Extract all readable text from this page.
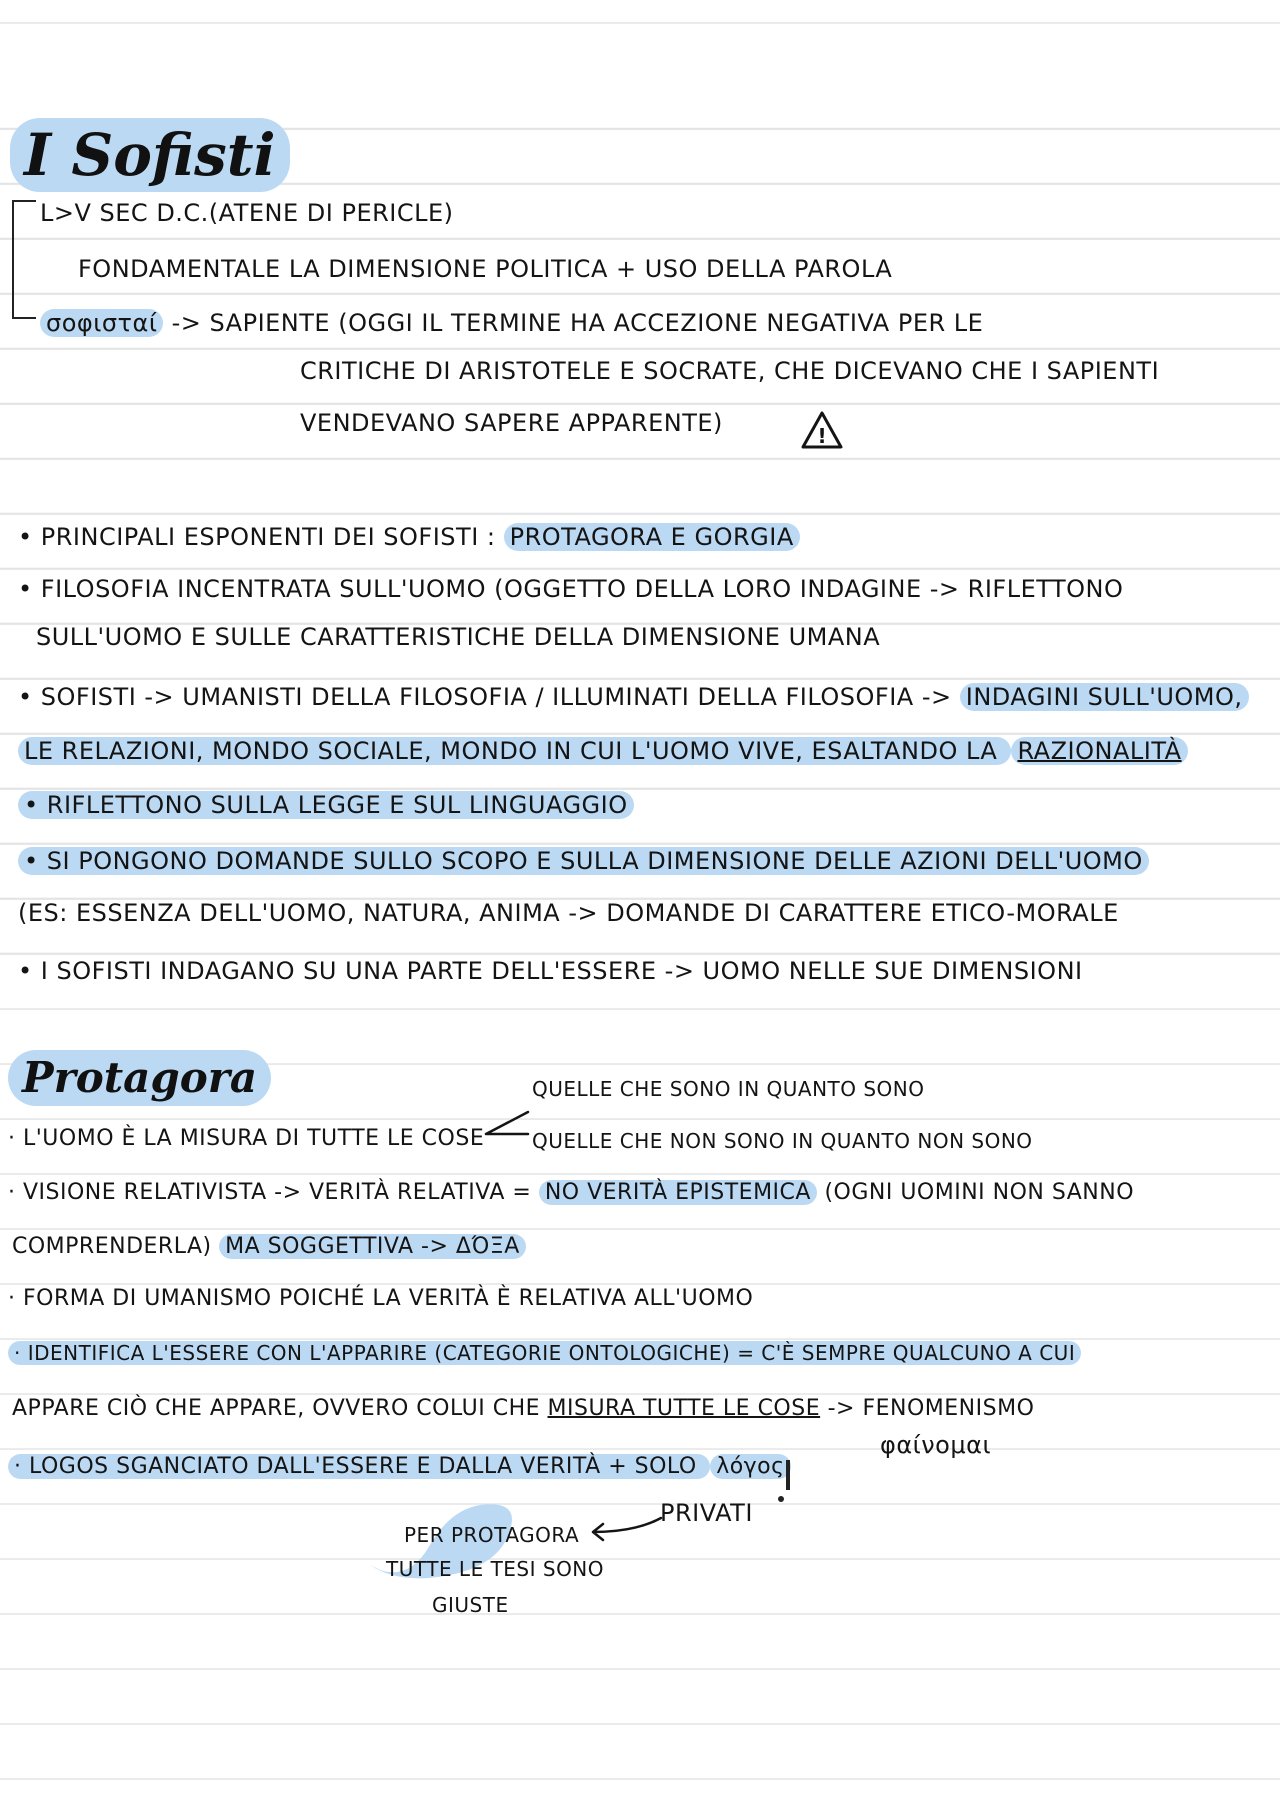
I Sofisti
L>V SEC D.C.(ATENE DI PERICLE)
FONDAMENTALE LA DIMENSIONE POLITICA + USO DELLA PAROLA
σοφισταί -> SAPIENTE (OGGI IL TERMINE HA ACCEZIONE NEGATIVA PER LE
CRITICHE DI ARISTOTELE E SOCRATE, CHE DICEVANO CHE I SAPIENTI
VENDEVANO SAPERE APPARENTE)	!
• PRINCIPALI ESPONENTI DEI SOFISTI : PROTAGORA E GORGIA
• FILOSOFIA INCENTRATA SULL'UOMO (OGGETTO DELLA LORO INDAGINE -> RIFLETTONO
SULL'UOMO E SULLE CARATTERISTICHE DELLA DIMENSIONE UMANA
• SOFISTI -> UMANISTI DELLA FILOSOFIA / ILLUMINATI DELLA FILOSOFIA -> INDAGINI SULL'UOMO,
LE RELAZIONI, MONDO SOCIALE, MONDO IN CUI L'UOMO VIVE, ESALTANDO LA RAZIONALITÀ
• RIFLETTONO SULLA LEGGE E SUL LINGUAGGIO
• SI PONGONO DOMANDE SULLO SCOPO E SULLA DIMENSIONE DELLE AZIONI DELL'UOMO
(ES: ESSENZA DELL'UOMO, NATURA, ANIMA -> DOMANDE DI CARATTERE ETICO-MORALE
• I SOFISTI INDAGANO SU UNA PARTE DELL'ESSERE -> UOMO NELLE SUE DIMENSIONI
Protagora	QUELLE CHE SONO IN QUANTO SONO
· L'UOMO È LA MISURA DI TUTTE LE COSE QUELLE CHE NON SONO IN QUANTO NON SONO
· VISIONE RELATIVISTA -> VERITÀ RELATIVA = NO VERITÀ EPISTEMICA (OGNI UOMINI NON SANNO
COMPRENDERLA) MA SOGGETTIVA -> ΔΌΞΑ
· FORMA DI UMANISMO POICHÉ LA VERITÀ È RELATIVA ALL'UOMO
· IDENTIFICA L'ESSERE CON L'APPARIRE (CATEGORIE ONTOLOGICHE) = C'È SEMPRE QUALCUNO A CUI
APPARE CIÒ CHE APPARE, OVVERO COLUI CHE MISURA TUTTE LE COSE -> FENOMENISMO
φαίνομαι
· LOGOS SGANCIATO DALL'ESSERE E DALLA VERITÀ + SOLO λόγος
PRIVATI
PER PROTAGORA
TUTTE LE TESI SONO
GIUSTE
